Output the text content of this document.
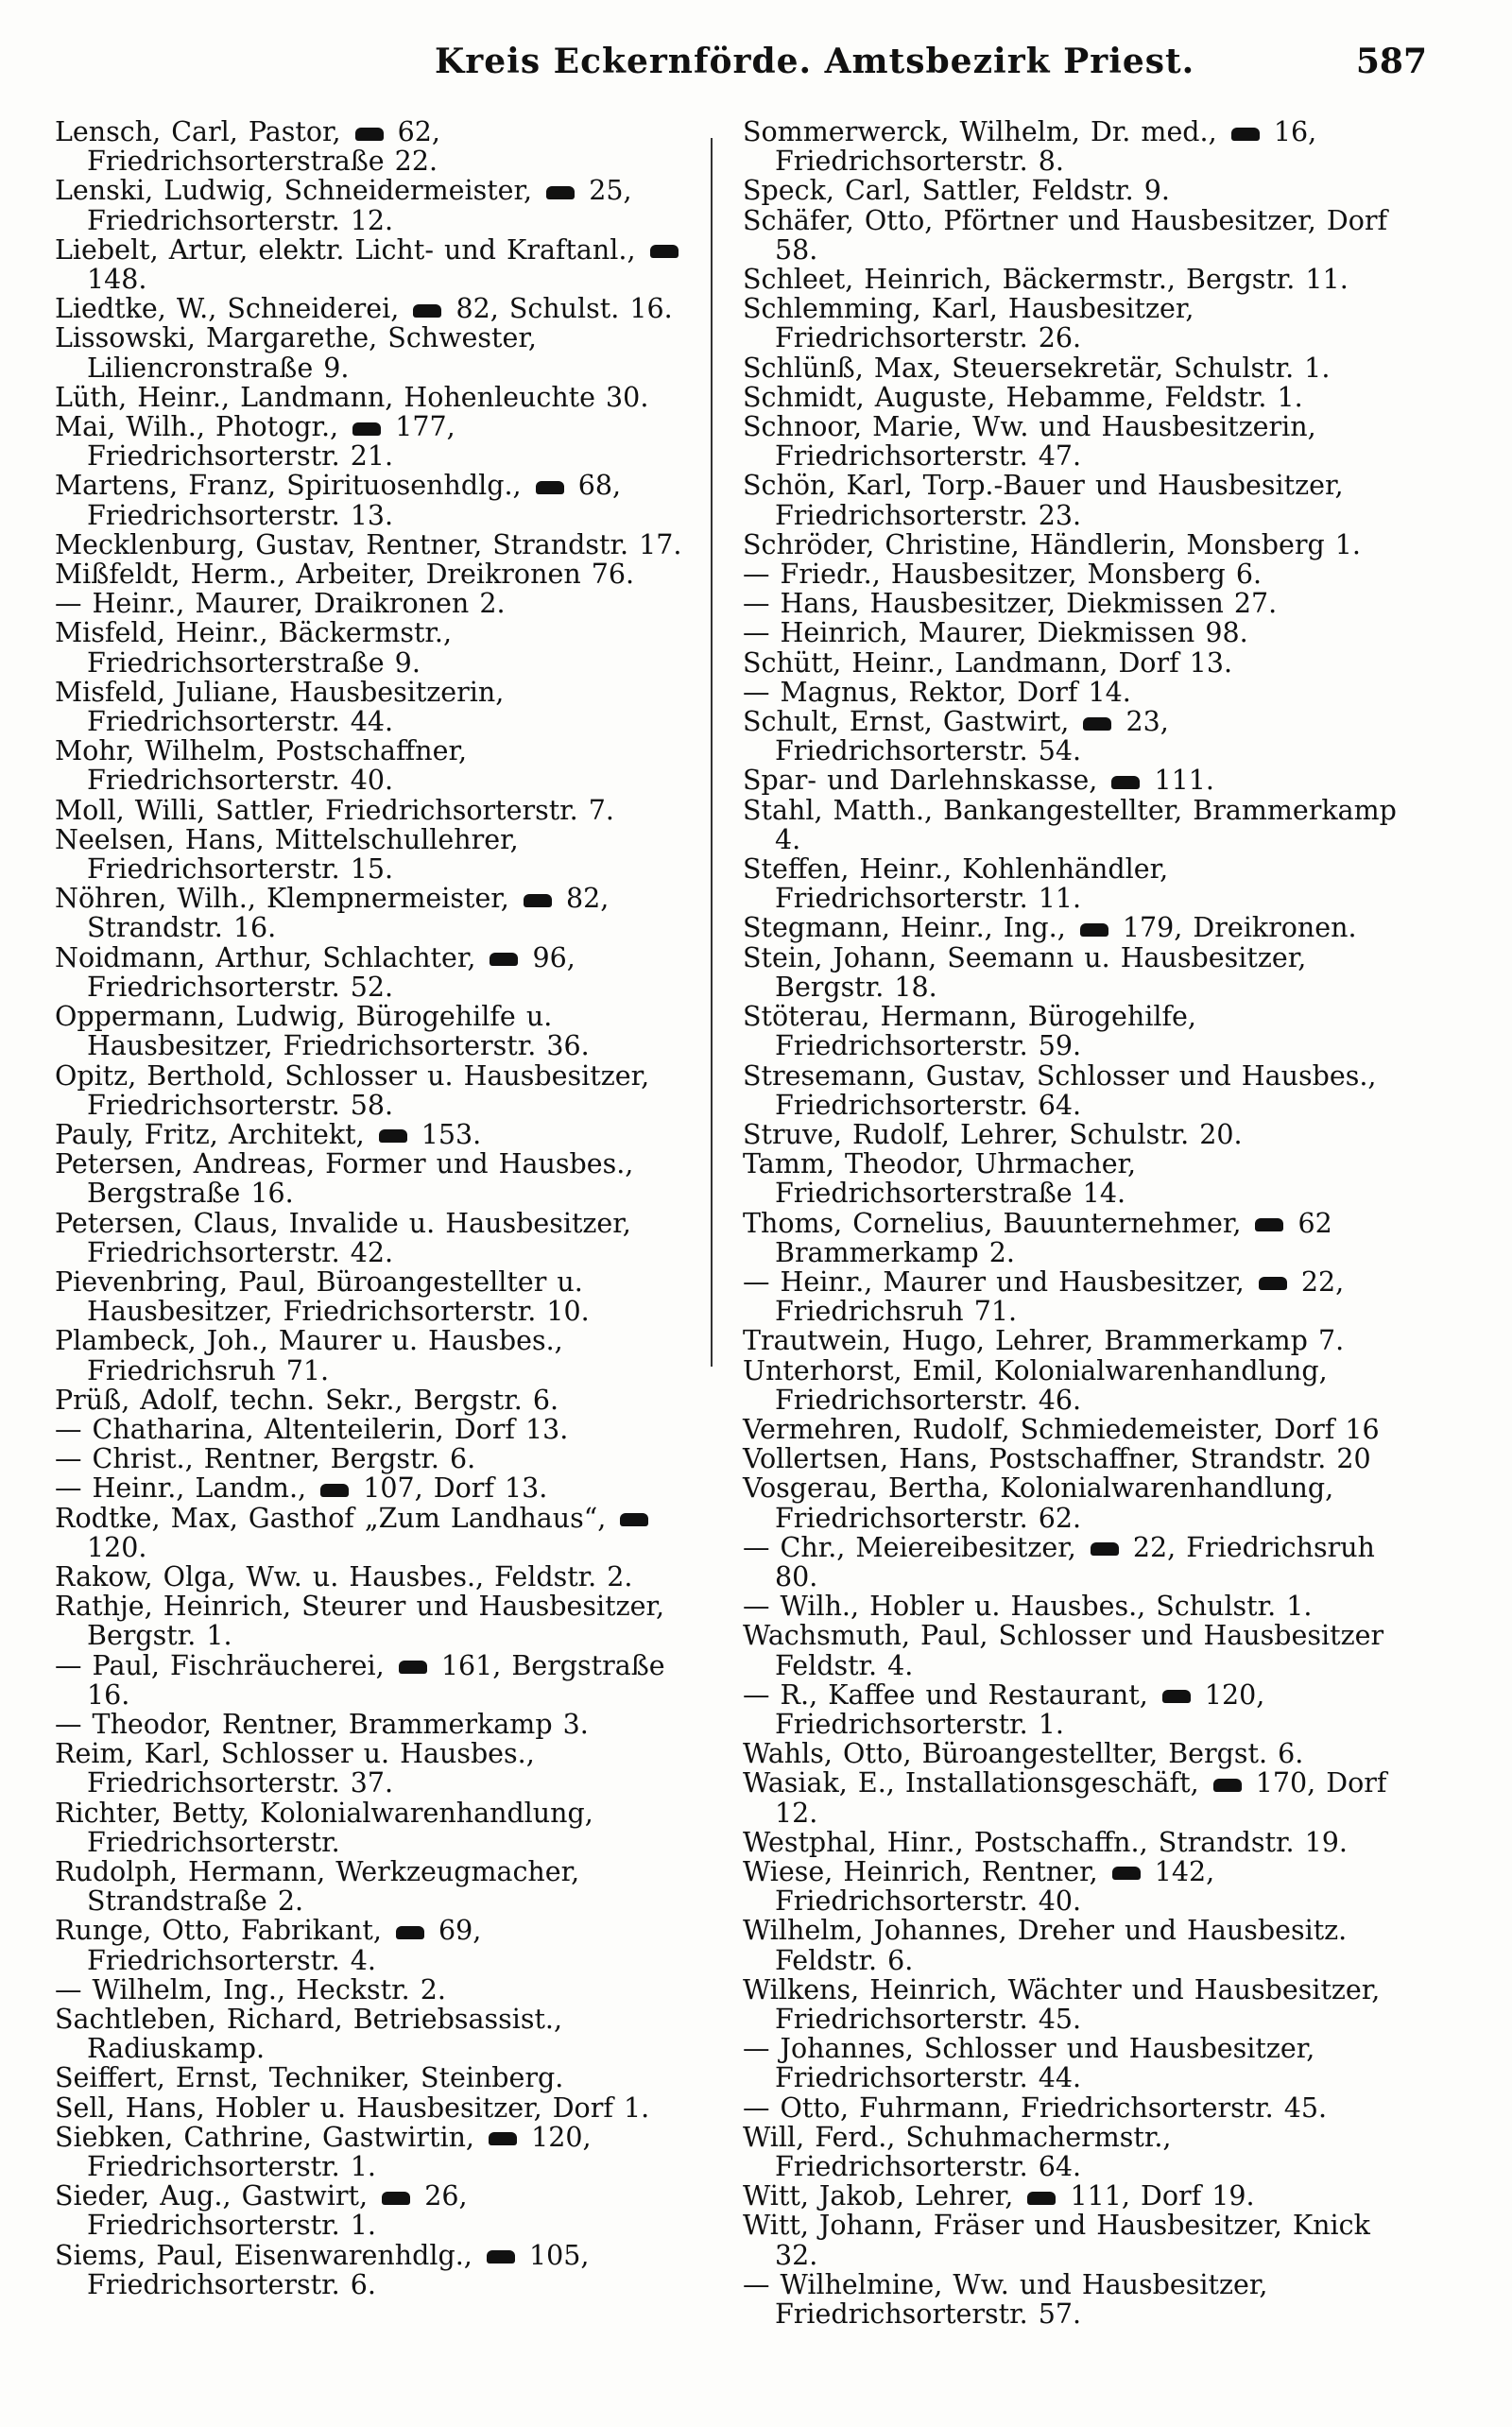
Kreis Eckernförde. Amtsbezirk Priest.	587
Lensch, Carl, Pastor, 62, Friedrichsorterstraße 22.
Lenski, Ludwig, Schneidermeister, 25, Friedrichsorterstr. 12.
Liebelt, Artur, elektr. Licht- und Kraftanl.,  148.
Liedtke, W., Schneiderei, 82, Schulst. 16.
Lissowski, Margarethe, Schwester, Liliencronstraße 9.
Lüth, Heinr., Landmann, Hohenleuchte 30.
Mai, Wilh., Photogr., 177, Friedrichsorterstr. 21.
Martens, Franz, Spirituosenhdlg., 68, Friedrichsorterstr. 13.
Mecklenburg, Gustav, Rentner, Strandstr. 17.
Mißfeldt, Herm., Arbeiter, Dreikronen 76.
— Heinr., Maurer, Draikronen 2.
Misfeld, Heinr., Bäckermstr., Friedrichsorterstraße 9.
Misfeld, Juliane, Hausbesitzerin, Friedrichsorterstr. 44.
Mohr, Wilhelm, Postschaffner, Friedrichsorterstr. 40.
Moll, Willi, Sattler, Friedrichsorterstr. 7.
Neelsen, Hans, Mittelschullehrer, Friedrichsorterstr. 15.
Nöhren, Wilh., Klempnermeister, 82, Strandstr. 16.
Noidmann, Arthur, Schlachter, 96, Friedrichsorterstr. 52.
Oppermann, Ludwig, Bürogehilfe u. Hausbesitzer, Friedrichsorterstr. 36.
Opitz, Berthold, Schlosser u. Hausbesitzer, Friedrichsorterstr. 58.
Pauly, Fritz, Architekt, 153.
Petersen, Andreas, Former und Hausbes., Bergstraße 16.
Petersen, Claus, Invalide u. Hausbesitzer, Friedrichsorterstr. 42.
Pievenbring, Paul, Büroangestellter u. Hausbesitzer, Friedrichsorterstr. 10.
Plambeck, Joh., Maurer u. Hausbes., Friedrichsruh 71.
Prüß, Adolf, techn. Sekr., Bergstr. 6.
— Chatharina, Altenteilerin, Dorf 13.
— Christ., Rentner, Bergstr. 6.
— Heinr., Landm., 107, Dorf 13.
Rodtke, Max, Gasthof „Zum Landhaus“,  120.
Rakow, Olga, Ww. u. Hausbes., Feldstr. 2.
Rathje, Heinrich, Steurer und Hausbesitzer, Bergstr. 1.
— Paul, Fischräucherei, 161, Bergstraße 16.
— Theodor, Rentner, Brammerkamp 3.
Reim, Karl, Schlosser u. Hausbes., Friedrichsorterstr. 37.
Richter, Betty, Kolonialwarenhandlung, Friedrichsorterstr.
Rudolph, Hermann, Werkzeugmacher, Strandstraße 2.
Runge, Otto, Fabrikant, 69, Friedrichsorterstr. 4.
— Wilhelm, Ing., Heckstr. 2.
Sachtleben, Richard, Betriebsassist., Radiuskamp.
Seiffert, Ernst, Techniker, Steinberg.
Sell, Hans, Hobler u. Hausbesitzer, Dorf 1.
Siebken, Cathrine, Gastwirtin, 120, Friedrichsorterstr. 1.
Sieder, Aug., Gastwirt, 26, Friedrichsorterstr. 1.
Siems, Paul, Eisenwarenhdlg., 105, Friedrichsorterstr. 6.
Sommerwerck, Wilhelm, Dr. med., 16, Friedrichsorterstr. 8.
Speck, Carl, Sattler, Feldstr. 9.
Schäfer, Otto, Pförtner und Hausbesitzer, Dorf 58.
Schleet, Heinrich, Bäckermstr., Bergstr. 11.
Schlemming, Karl, Hausbesitzer, Friedrichsorterstr. 26.
Schlünß, Max, Steuersekretär, Schulstr. 1.
Schmidt, Auguste, Hebamme, Feldstr. 1.
Schnoor, Marie, Ww. und Hausbesitzerin, Friedrichsorterstr. 47.
Schön, Karl, Torp.-Bauer und Hausbesitzer, Friedrichsorterstr. 23.
Schröder, Christine, Händlerin, Monsberg 1.
— Friedr., Hausbesitzer, Monsberg 6.
— Hans, Hausbesitzer, Diekmissen 27.
— Heinrich, Maurer, Diekmissen 98.
Schütt, Heinr., Landmann, Dorf 13.
— Magnus, Rektor, Dorf 14.
Schult, Ernst, Gastwirt, 23, Friedrichsorterstr. 54.
Spar- und Darlehnskasse, 111.
Stahl, Matth., Bankangestellter, Brammerkamp 4.
Steffen, Heinr., Kohlenhändler, Friedrichsorterstr. 11.
Stegmann, Heinr., Ing., 179, Dreikronen.
Stein, Johann, Seemann u. Hausbesitzer, Bergstr. 18.
Stöterau, Hermann, Bürogehilfe, Friedrichsorterstr. 59.
Stresemann, Gustav, Schlosser und Hausbes., Friedrichsorterstr. 64.
Struve, Rudolf, Lehrer, Schulstr. 20.
Tamm, Theodor, Uhrmacher, Friedrichsorterstraße 14.
Thoms, Cornelius, Bauunternehmer, 62 Brammerkamp 2.
— Heinr., Maurer und Hausbesitzer, 22, Friedrichsruh 71.
Trautwein, Hugo, Lehrer, Brammerkamp 7.
Unterhorst, Emil, Kolonialwarenhandlung, Friedrichsorterstr. 46.
Vermehren, Rudolf, Schmiedemeister, Dorf 16
Vollertsen, Hans, Postschaffner, Strandstr. 20
Vosgerau, Bertha, Kolonialwarenhandlung, Friedrichsorterstr. 62.
— Chr., Meiereibesitzer, 22, Friedrichsruh 80.
— Wilh., Hobler u. Hausbes., Schulstr. 1.
Wachsmuth, Paul, Schlosser und Hausbesitzer Feldstr. 4.
— R., Kaffee und Restaurant, 120, Friedrichsorterstr. 1.
Wahls, Otto, Büroangestellter, Bergst. 6.
Wasiak, E., Installationsgeschäft, 170, Dorf 12.
Westphal, Hinr., Postschaffn., Strandstr. 19.
Wiese, Heinrich, Rentner, 142, Friedrichsorterstr. 40.
Wilhelm, Johannes, Dreher und Hausbesitz. Feldstr. 6.
Wilkens, Heinrich, Wächter und Hausbesitzer, Friedrichsorterstr. 45.
— Johannes, Schlosser und Hausbesitzer, Friedrichsorterstr. 44.
— Otto, Fuhrmann, Friedrichsorterstr. 45.
Will, Ferd., Schuhmachermstr., Friedrichsorterstr. 64.
Witt, Jakob, Lehrer, 111, Dorf 19.
Witt, Johann, Fräser und Hausbesitzer, Knick 32.
— Wilhelmine, Ww. und Hausbesitzer, Friedrichsorterstr. 57.
